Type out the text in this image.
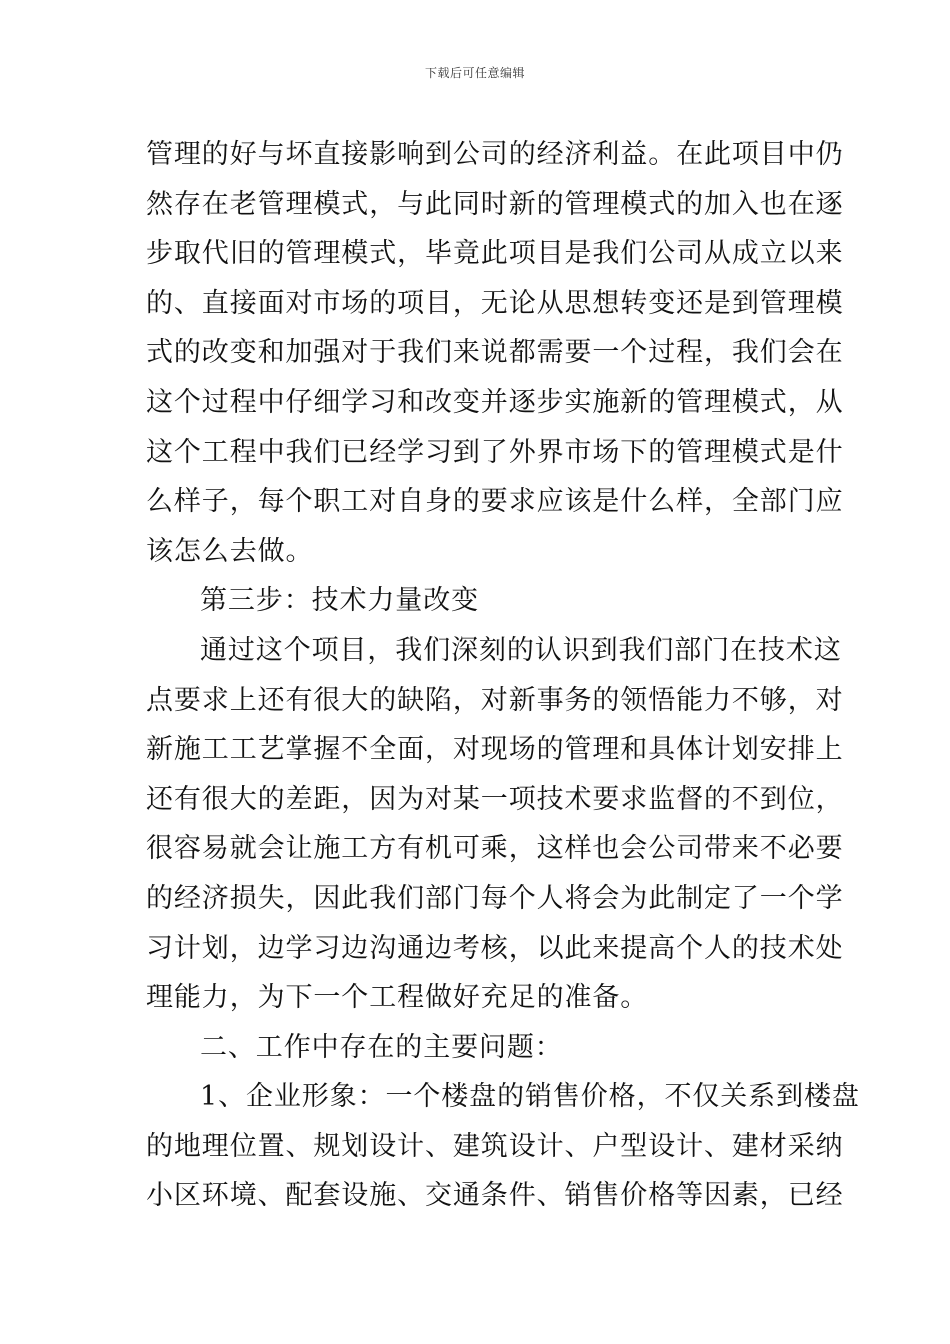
下载后可任意编辑
管理的好与坏直接影响到公司的经济利益。在此项目中仍
然存在老管理模式，与此同时新的管理模式的加入也在逐
步取代旧的管理模式，毕竟此项目是我们公司从成立以来
的、直接面对市场的项目，无论从思想转变还是到管理模
式的改变和加强对于我们来说都需要一个过程，我们会在
这个过程中仔细学习和改变并逐步实施新的管理模式，从
这个工程中我们已经学习到了外界市场下的管理模式是什
么样子，每个职工对自身的要求应该是什么样，全部门应
该怎么去做。
第三步：技术力量改变
通过这个项目，我们深刻的认识到我们部门在技术这
点要求上还有很大的缺陷，对新事务的领悟能力不够，对
新施工工艺掌握不全面，对现场的管理和具体计划安排上
还有很大的差距，因为对某一项技术要求监督的不到位，
很容易就会让施工方有机可乘，这样也会公司带来不必要
的经济损失，因此我们部门每个人将会为此制定了一个学
习计划，边学习边沟通边考核，以此来提高个人的技术处
理能力，为下一个工程做好充足的准备。
二、工作中存在的主要问题：
1、企业形象：一个楼盘的销售价格，不仅关系到楼盘
的地理位置、规划设计、建筑设计、户型设计、建材采纳
小区环境、配套设施、交通条件、销售价格等因素，已经
